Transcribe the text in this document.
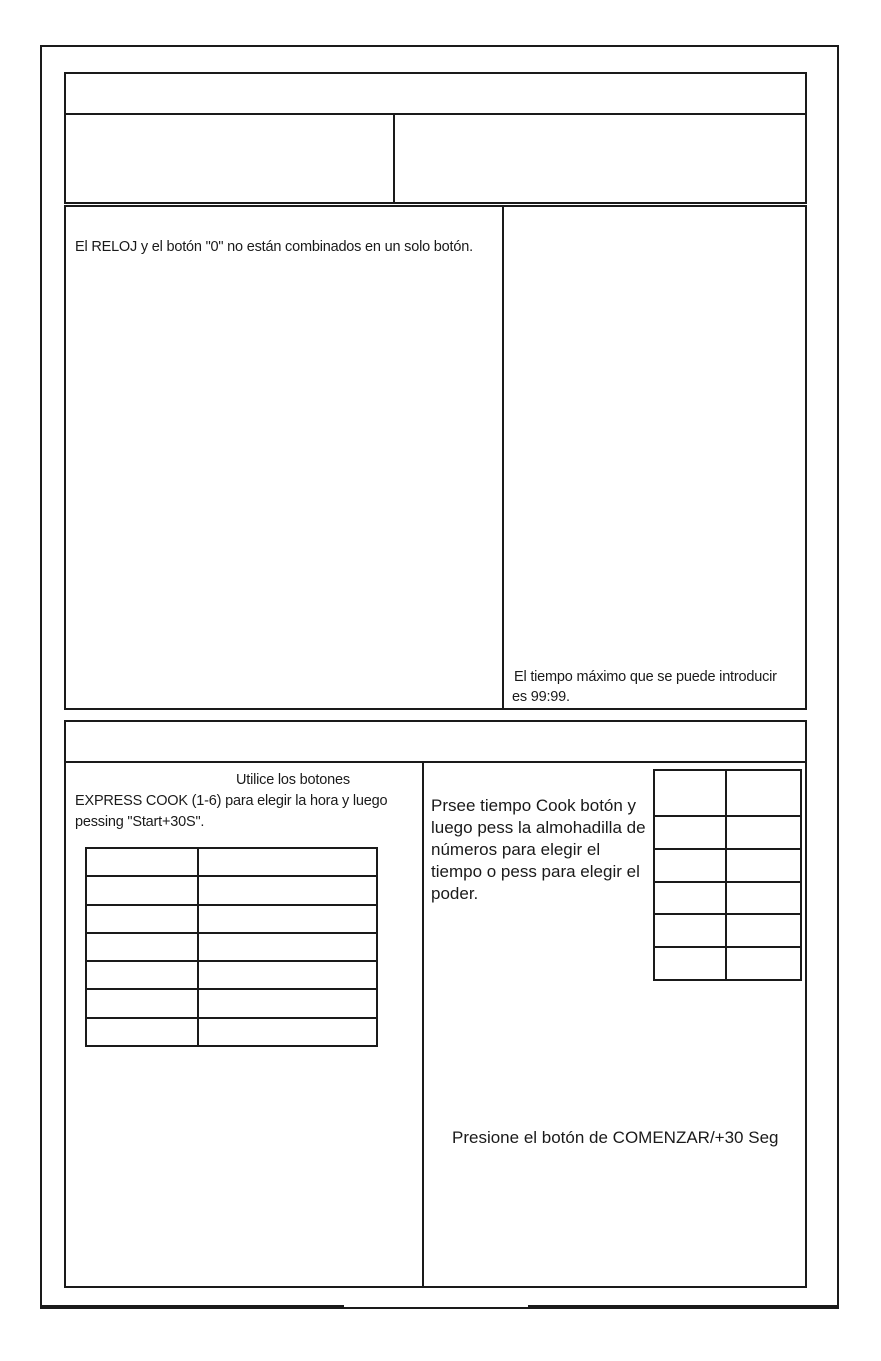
El RELOJ y el botón "0" no están combinados en un solo botón.
El tiempo máximo que se puede introducir
es 99:99.
Utilice los botones
EXPRESS COOK (1-6) para elegir la hora y luego
pessing "Start+30S".

Prsee tiempo Cook botón y
luego pess la almohadilla de
números para elegir el
tiempo o pess para elegir el
poder.

Presione el botón de COMENZAR/+30 Seg
